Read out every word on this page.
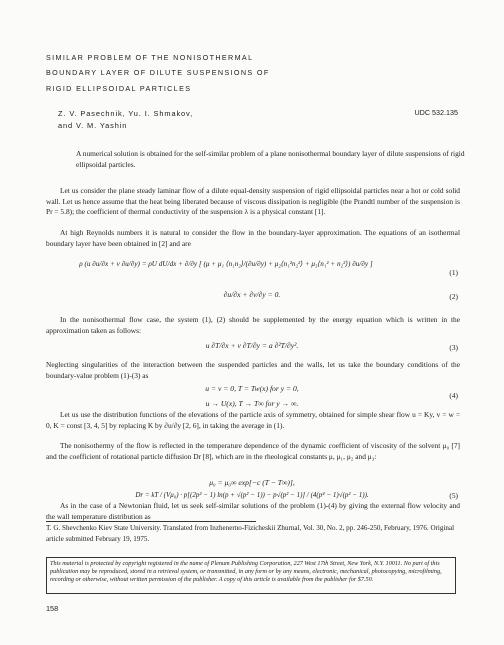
SIMILAR PROBLEM OF THE NONISOTHERMAL
BOUNDARY LAYER OF DILUTE SUSPENSIONS OF
RIGID ELLIPSOIDAL PARTICLES
Z. V. Pasechnik, Yu. I. Shmakov,
and V. M. Yashin
UDC 532.135

A numerical solution is obtained for the self-similar problem of a plane nonisothermal boundary layer of dilute suspensions of rigid ellipsoidal particles.

Let us consider the plane steady laminar flow of a dilute equal-density suspension of rigid ellipsoidal particles near a hot or cold solid wall. Let us hence assume that the heat being liberated because of viscous dissipation is negligible (the Prandtl number of the suspension is Pr = 5.8); the coefficient of thermal conductivity of the suspension λ is a physical constant [1].

At high Reynolds numbers it is natural to consider the flow in the boundary-layer approximation. The equations of an isothermal boundary layer have been obtained in [2] and are

ρ (u ∂u/∂x + v ∂u/∂y) = ρU dU/dx + ∂/∂y [ (μ + μ₁ ⟨n₁n₂⟩/(∂u/∂y) + μ₂⟨n₁²n₂²⟩ + μ₃⟨n₁² + n₂²⟩) ∂u/∂y ]
(1)
∂u/∂x + ∂v/∂y = 0.	(2)

In the nonisothermal flow case, the system (1), (2) should be supplemented by the energy equation which is written in the approximation taken as follows:

u ∂T/∂x + v ∂T/∂y = a ∂²T/∂y².	(3)

Neglecting singularities of the interaction between the suspended particles and the walls, let us take the boundary conditions of the boundary-value problem (1)-(3) as

u = v = 0, T = Tw(x) for y = 0,
u → U(x), T → T∞ for y → ∞.
(4)

Let us use the distribution functions of the elevations of the particle axis of symmetry, obtained for simple shear flow u = Ky, v = w = 0, K = const [3, 4, 5] by replacing K by ∂u/∂y [2, 6], in taking the average in (1).

The nonisothermy of the flow is reflected in the temperature dependence of the dynamic coefficient of viscosity of the solvent μ₀ [7] and the coefficient of rotational particle diffusion Dr [8], which are in the rheological constants μ, μ₁, μ₂ and μ₃:

μ₀ = μ₀∞ exp[−c (T − T∞)],
Dr = kT / (Vμ₀) · p[(2p² − 1) ln(p + √(p² − 1)) − p√(p² − 1)] / (4(p⁴ − 1)√(p² − 1)).	(5)

As in the case of a Newtonian fluid, let us seek self-similar solutions of the problem (1)-(4) by giving the external flow velocity and the wall temperature distribution as

T. G. Shevchenko Kiev State University. Translated from Inzhenerno-Fizicheskii Zhurnal, Vol. 30, No. 2, pp. 246-250, February, 1976. Original article submitted February 19, 1975.

This material is protected by copyright registered in the name of Plenum Publishing Corporation, 227 West 17th Street, New York, N.Y. 10011. No part of this publication may be reproduced, stored in a retrieval system, or transmitted, in any form or by any means, electronic, mechanical, photocopying, microfilming, recording or otherwise, without written permission of the publisher. A copy of this article is available from the publisher for $7.50.
158
